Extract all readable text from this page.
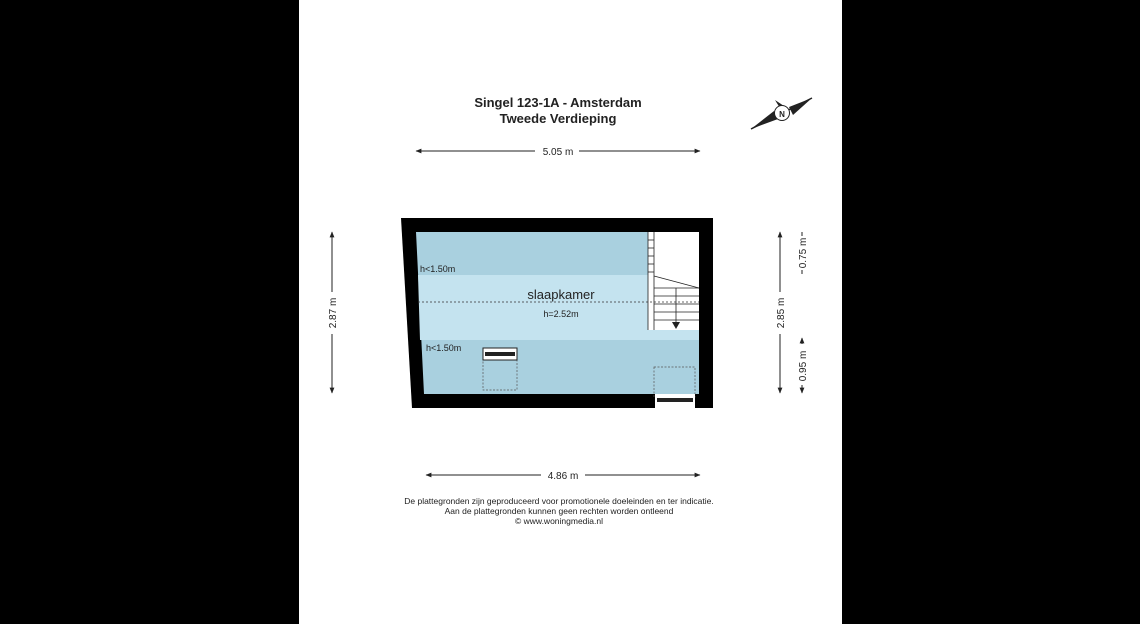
Singel 123-1A - Amsterdam
Tweede Verdieping	N
5.05 m
h<1.50m
h<1.50m
slaapkamer
h=2.52m
2.87 m	2.85 m
0.75 m
0.95 m
4.86 m
De plattegronden zijn geproduceerd voor promotionele doeleinden en ter indicatie.
Aan de plattegronden kunnen geen rechten worden ontleend
© www.woningmedia.nl
